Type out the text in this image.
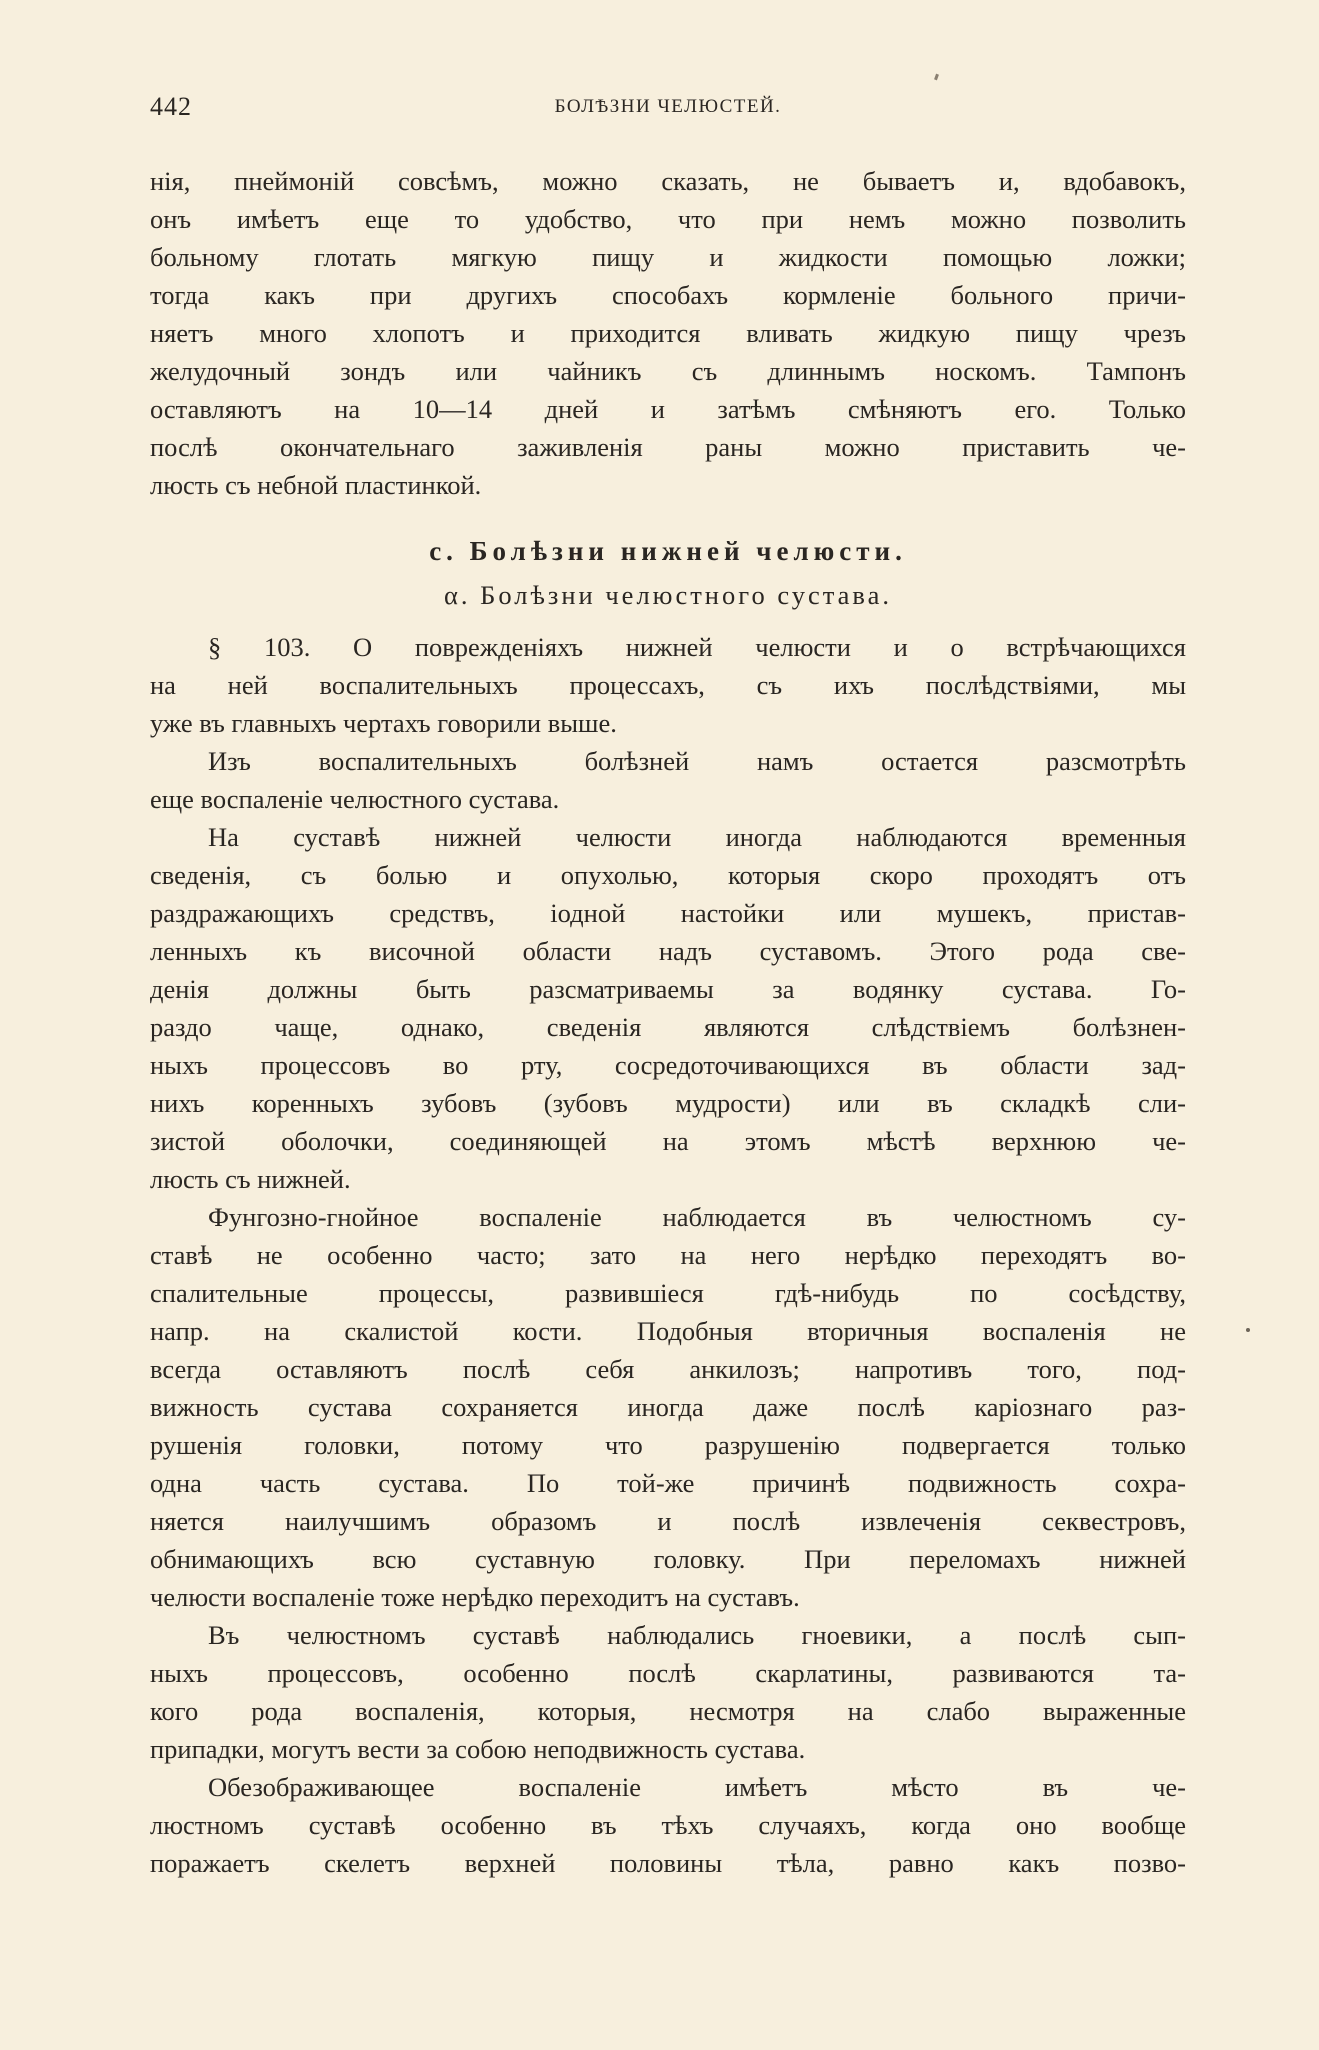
442	БОЛѢЗНИ ЧЕЛЮСТЕЙ.
нія, пнеймоній совсѣмъ, можно сказать, не бываетъ и, вдобавокъ,
онъ имѣетъ еще то удобство, что при немъ можно позволить
больному глотать мягкую пищу и жидкости помощью ложки;
тогда какъ при другихъ способахъ кормленіе больного причи-
няетъ много хлопотъ и приходится вливать жидкую пищу чрезъ
желудочный зондъ или чайникъ съ длиннымъ носкомъ. Тампонъ
оставляютъ на 10—14 дней и затѣмъ смѣняютъ его. Только
послѣ окончательнаго заживленія раны можно приставить че-
люсть съ небной пластинкой.
c. Болѣзни нижней челюсти.
α. Болѣзни челюстного сустава.
§ 103. О поврежденіяхъ нижней челюсти и о встрѣчающихся
на ней воспалительныхъ процессахъ, съ ихъ послѣдствіями, мы
уже въ главныхъ чертахъ говорили выше.
Изъ воспалительныхъ болѣзней намъ остается разсмотрѣть
еще воспаленіе челюстного сустава.
На суставѣ нижней челюсти иногда наблюдаются временныя
сведенія, съ болью и опухолью, которыя скоро проходятъ отъ
раздражающихъ средствъ, іодной настойки или мушекъ, пристав-
ленныхъ къ височной области надъ суставомъ. Этого рода све-
денія должны быть разсматриваемы за водянку сустава. Го-
раздо чаще, однако, сведенія являются слѣдствіемъ болѣзнен-
ныхъ процессовъ во рту, сосредоточивающихся въ области зад-
нихъ коренныхъ зубовъ (зубовъ мудрости) или въ складкѣ сли-
зистой оболочки, соединяющей на этомъ мѣстѣ верхнюю че-
люсть съ нижней.
Фунгозно-гнойное воспаленіе наблюдается въ челюстномъ су-
ставѣ не особенно часто; зато на него нерѣдко переходятъ во-
спалительные процессы, развившіеся гдѣ-нибудь по сосѣдству,
напр. на скалистой кости. Подобныя вторичныя воспаленія не
всегда оставляютъ послѣ себя анкилозъ; напротивъ того, под-
вижность сустава сохраняется иногда даже послѣ каріознаго раз-
рушенія головки, потому что разрушенію подвергается только
одна часть сустава. По той-же причинѣ подвижность сохра-
няется наилучшимъ образомъ и послѣ извлеченія секвестровъ,
обнимающихъ всю суставную головку. При переломахъ нижней
челюсти воспаленіе тоже нерѣдко переходитъ на суставъ.
Въ челюстномъ суставѣ наблюдались гноевики, а послѣ сып-
ныхъ процессовъ, особенно послѣ скарлатины, развиваются та-
кого рода воспаленія, которыя, несмотря на слабо выраженные
припадки, могутъ вести за собою неподвижность сустава.
Обезображивающее воспаленіе имѣетъ мѣсто въ че-
люстномъ суставѣ особенно въ тѣхъ случаяхъ, когда оно вообще
поражаетъ скелетъ верхней половины тѣла, равно какъ позво-
